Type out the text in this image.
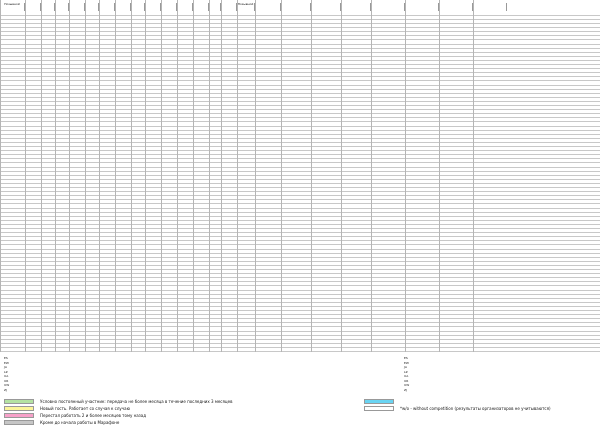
Позывной	Позывной
ES
EW
JA
LZ
UA
UR
UW
ZJ
ES
EW
JA
LZ
UA
UR
UW
ZJ
Условно постоянный участник: передача не более месяца в течение последних 3 месяцев
Новый гость. Работает со случая к случаю
Перестал работать 2 и более месяцев тому назад
Кроме до начала работы в Марафоне
*w/o - without competition (результаты организаторов не учитываются)
